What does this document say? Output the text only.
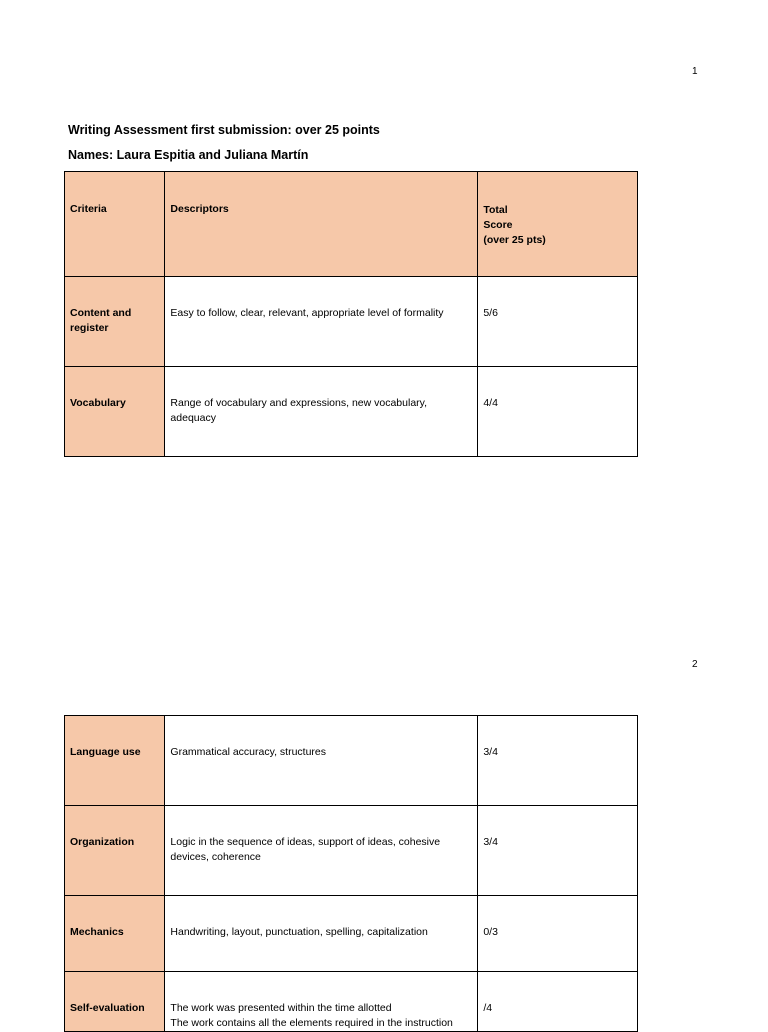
1
Writing Assessment first submission: over 25 points
Names: Laura Espitia and Juliana Martín
Criteria	Descriptors	Total
Score
(over 25 pts)

Content and register	Easy to follow, clear, relevant, appropriate level of formality	5/6

Vocabulary	Range of vocabulary and expressions, new vocabulary, adequacy	4/4
2
Language use	Grammatical accuracy, structures	3/4

Organization	Logic in the sequence of ideas, support of ideas, cohesive devices, coherence	3/4

Mechanics	Handwriting, layout, punctuation, spelling, capitalization	0/3

Self-evaluation	The work was presented within the time allotted
The work contains all the elements required in the instruction	/4
